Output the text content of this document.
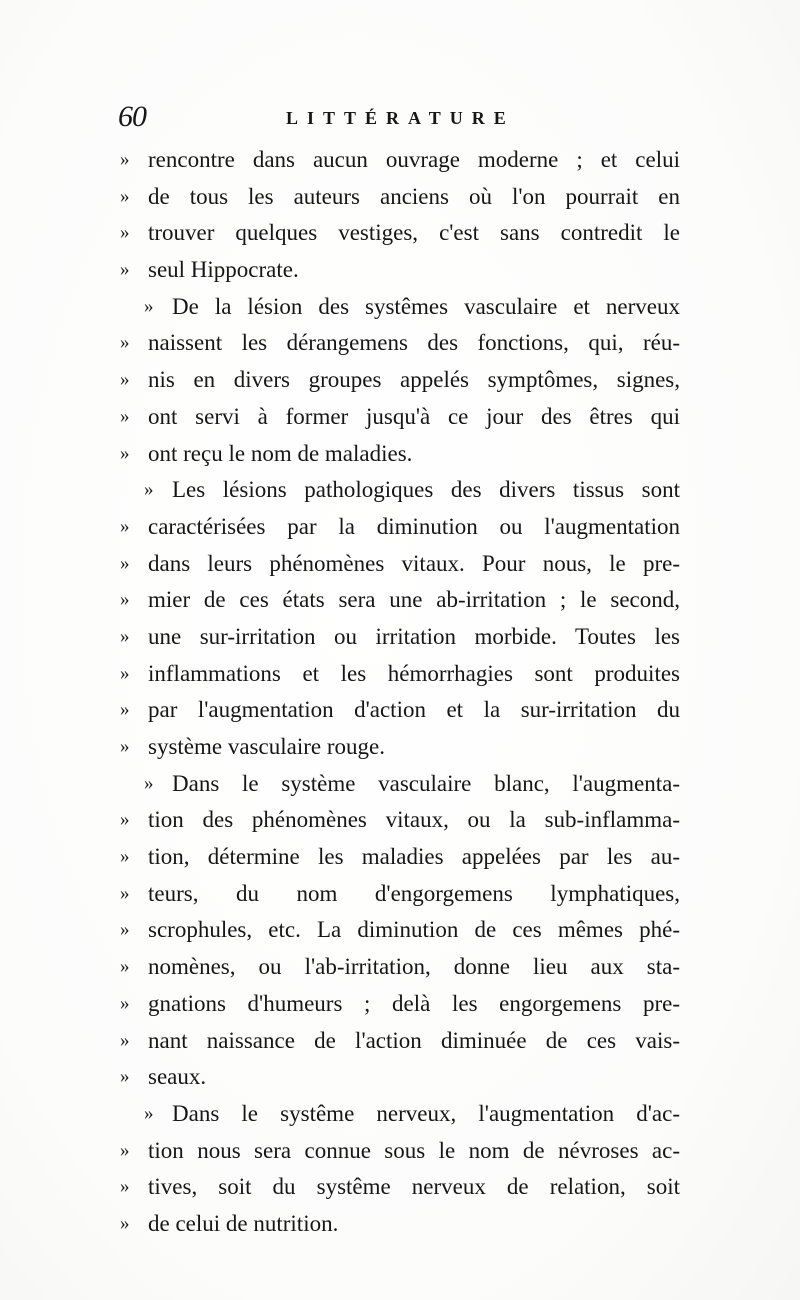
60	LITTÉRATURE
» rencontre dans aucun ouvrage moderne ; et celui
» de tous les auteurs anciens où l'on pourrait en
» trouver quelques vestiges, c'est sans contredit le
» seul Hippocrate.
» De la lésion des systêmes vasculaire et nerveux
» naissent les dérangemens des fonctions, qui, réu-
» nis en divers groupes appelés symptômes, signes,
» ont servi à former jusqu'à ce jour des êtres qui
» ont reçu le nom de maladies.
» Les lésions pathologiques des divers tissus sont
» caractérisées par la diminution ou l'augmentation
» dans leurs phénomènes vitaux. Pour nous, le pre-
» mier de ces états sera une ab-irritation ; le second,
» une sur-irritation ou irritation morbide. Toutes les
» inflammations et les hémorrhagies sont produites
» par l'augmentation d'action et la sur-irritation du
» système vasculaire rouge.
» Dans le système vasculaire blanc, l'augmenta-
» tion des phénomènes vitaux, ou la sub-inflamma-
» tion, détermine les maladies appelées par les au-
» teurs, du nom d'engorgemens lymphatiques,
» scrophules, etc. La diminution de ces mêmes phé-
» nomènes, ou l'ab-irritation, donne lieu aux sta-
» gnations d'humeurs ; delà les engorgemens pre-
» nant naissance de l'action diminuée de ces vais-
» seaux.
» Dans le systême nerveux, l'augmentation d'ac-
» tion nous sera connue sous le nom de névroses ac-
» tives, soit du systême nerveux de relation, soit
» de celui de nutrition.
